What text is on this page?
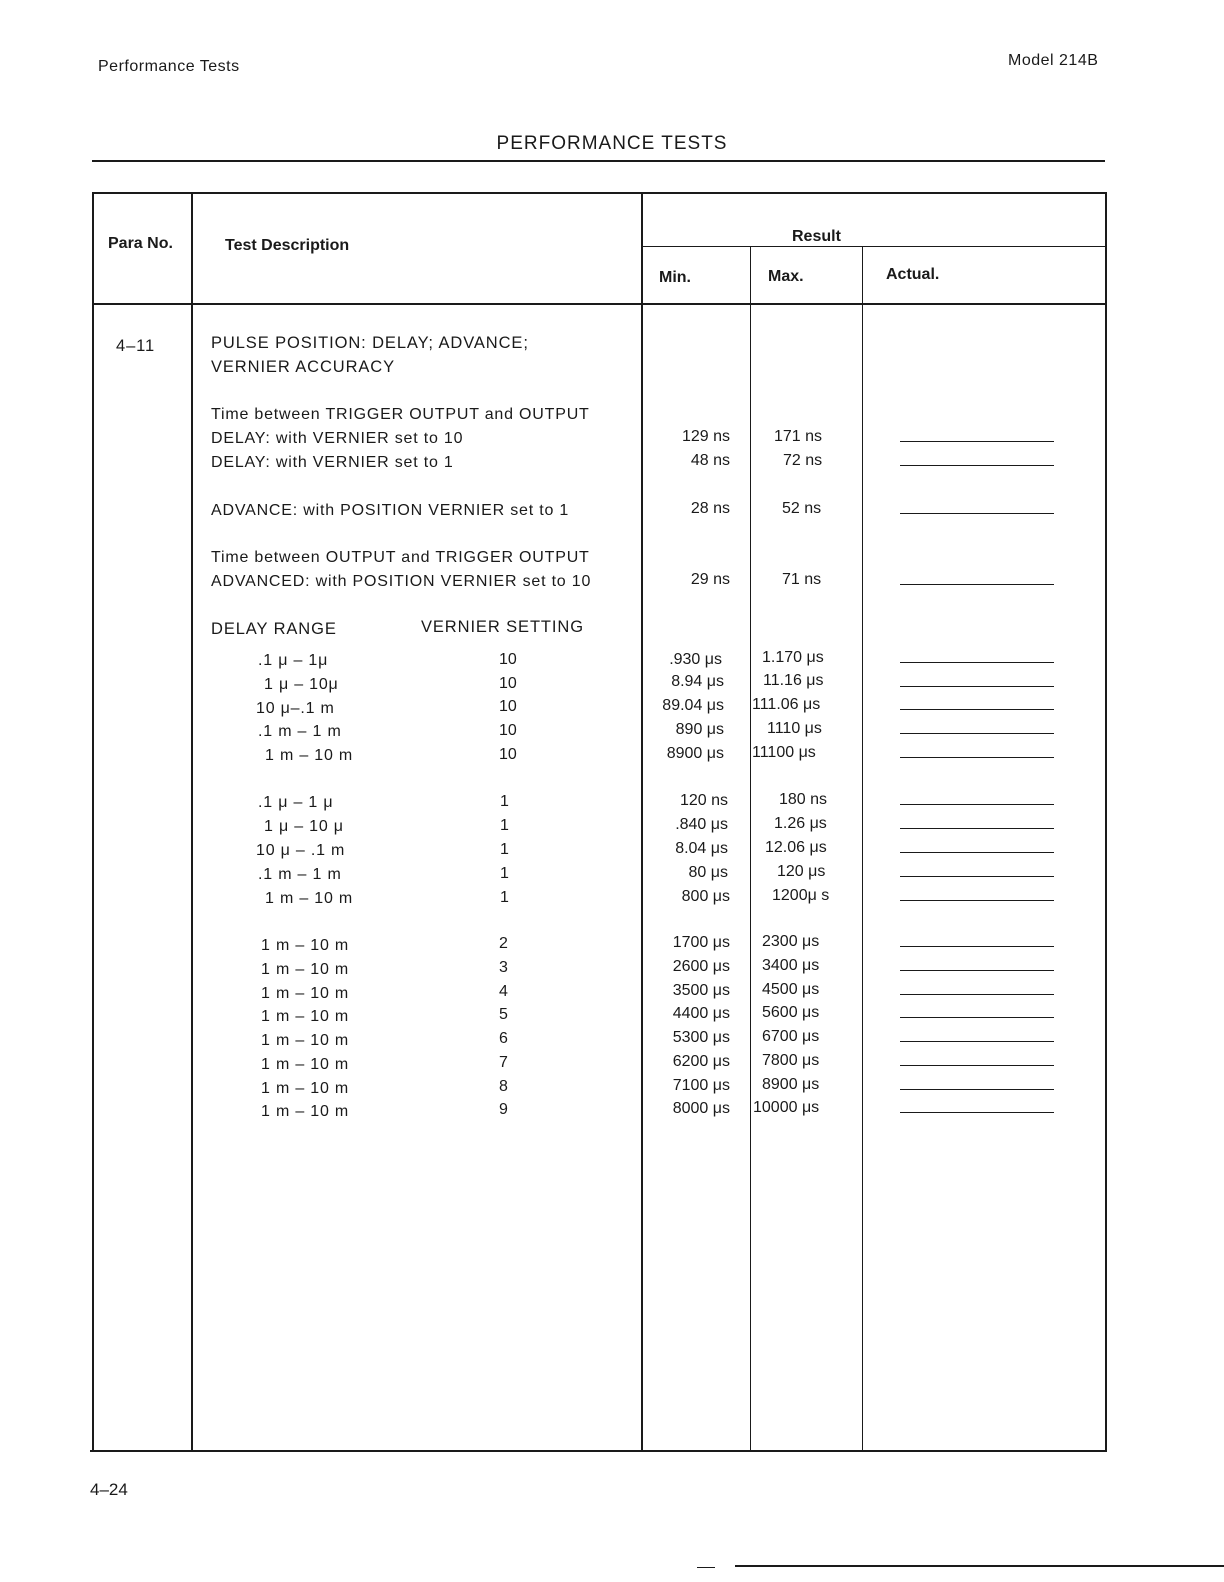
Performance Tests	Model 214B
PERFORMANCE TESTS
Para No.	Test Description
Result
Min.	Max.	Actual.
4–11	PULSE POSITION: DELAY; ADVANCE;
VERNIER ACCURACY
Time between TRIGGER OUTPUT and OUTPUT
DELAY: with VERNIER set to 10	129 ns	171 ns
DELAY: with VERNIER set to 1	48 ns	72 ns
ADVANCE: with POSITION VERNIER set to 1	28 ns	52 ns
Time between OUTPUT and TRIGGER OUTPUT
ADVANCED: with POSITION VERNIER set to 10	29 ns	71 ns
DELAY RANGE	VERNIER SETTING
.1 μ – 1μ	10	.930 μs	1.170 μs
1 μ – 10μ	10	8.94 μs 11.16 μs
10 μ–.1 m	10	89.04 μs 111.06 μs
.1 m – 1 m	10	890 μs	1110 μs
1 m – 10 m	10	8900 μs 11100 μs
.1 μ – 1 μ	1	120 ns	180 ns
1 μ – 10 μ	1	.840 μs	1.26 μs
10 μ – .1 m	1	8.04 μs 12.06 μs
.1 m – 1 m	1	80 μs	120 μs
1 m – 10 m	1	800 μs	1200μ s
1 m – 10 m	2	1700 μs 2300 μs
1 m – 10 m	3	2600 μs 3400 μs
1 m – 10 m	4	3500 μs 4500 μs
1 m – 10 m	5	4400 μs 5600 μs
1 m – 10 m	6	5300 μs 6700 μs
1 m – 10 m	7	6200 μs 7800 μs
1 m – 10 m	8	7100 μs 8900 μs
1 m – 10 m	9	8000 μs 10000 μs
4–24
